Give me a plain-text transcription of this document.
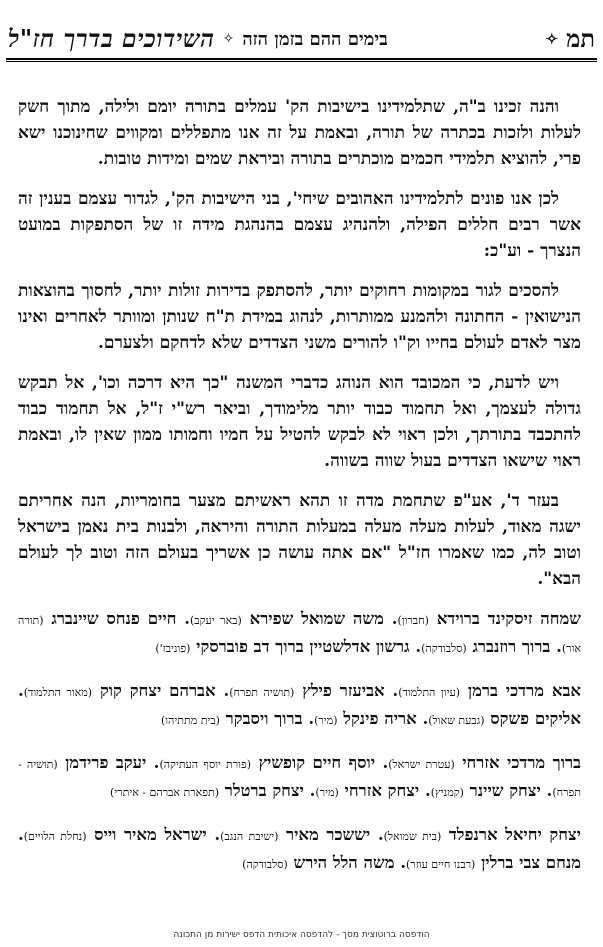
תמ
✧
בימים ההם בזמן הזה
✧
השידוכים בדרך חז"ל

והנה זכינו ב"ה, שתלמידינו בישיבות הק' עמלים בתורה יומם ולילה, מתוך חשק לעלות ולזכות בכתרה של תורה, ובאמת על זה אנו מתפללים ומקווים שחינוכנו ישא פרי, להוציא תלמידי חכמים מוכתרים בתורה וביראת שמים ומידות טובות.

לכן אנו פונים לתלמידינו האהובים שיחי', בני הישיבות הק', לגדור עצמם בענין זה אשר רבים חללים הפילה, ולהנהיג עצמם בהנהגת מידה זו של הסתפקות במועט הנצרך - וע"כ:

להסכים לגור במקומות רחוקים יותר, להסתפק בדירות זולות יותר, לחסוך בהוצאות הנישואין - החתונה ולהמנע ממותרות, לנהוג במידת ת"ח שנותן ומוותר לאחרים ואינו מצר לאדם לעולם בחייו וק"ו להורים משני הצדדים שלא לדחקם ולצערם.

ויש לדעת, כי המכובד הוא הנוהג כדברי המשנה "כך היא דרכה וכו', אל תבקש גדולה לעצמך, ואל תחמוד כבוד יותר מלימודך, וביאר רש"י ז"ל, אל תחמוד כבוד להתכבד בתורתך, ולכן ראוי לא לבקש להטיל על חמיו וחמותו ממון שאין לו, ובאמת ראוי שישאו הצדדים בעול שווה בשווה.

בעזר ד', אע"פ שתחמת מדה זו תהא ראשיתם מצער בחומריות, הנה אחריתם ישגה מאוד, לעלות מעלה מעלה במעלות התורה והיראה, ולבנות בית נאמן בישראל וטוב לה, כמו שאמרו חז"ל "אם אתה עושה כן אשריך בעולם הזה וטוב לך לעולם הבא".

שמחה זיסקינד ברוידא (חברון). משה שמואל שפירא (באר יעקב). חיים פנחס שיינברג (תורה אור). ברוך רוזנברג (סלבודקה). גרשון אדלשטיין ברוך דב פוברסקי (פוניבז')

אבא מרדכי ברמן (עיון התלמוד). אביעזר פילץ (תושיה תפרח). אברהם יצחק קוק (מאור התלמוד). אליקים פשקס (גבעת שאול). אריה פינקל (מיר). ברוך ויסבקר (בית מתתיהו)

ברוך מרדכי אזרחי (עטרת ישראל). יוסף חיים קופשיץ (פורת יוסף העתיקה). יעקב פרידמן (תושיה - תפרח). יצחק שיינר (קמניץ). יצחק אזרחי (מיר). יצחק ברטלר (תפארת אברהם - איתרי)

יצחק יחיאל ארנפלד (בית שמואל). יששכר מאיר (ישיבת הנגב). ישראל מאיר וייס (נחלת הלויים). מנחם צבי ברלין (רבנו חיים עוזר). משה הלל הירש (סלבודקה)

הודפסה ברוטוצית מסך - להדפסה איכותית הדפס ישירות מן התכונה
